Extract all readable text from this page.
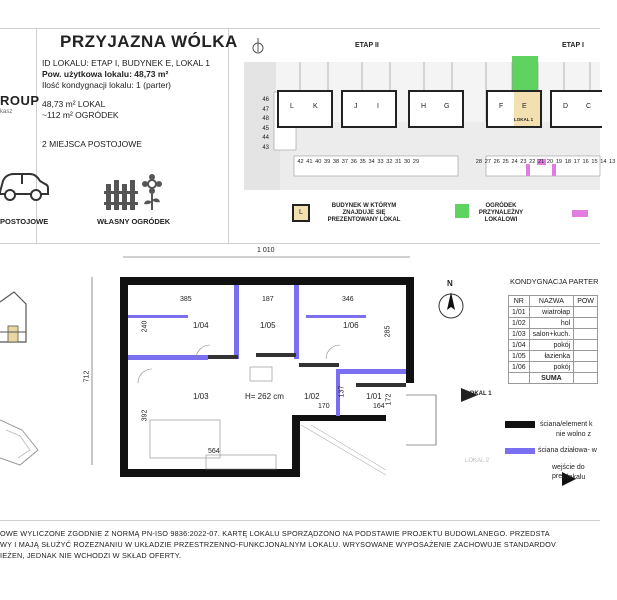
PRZYJAZNA WÓLKA
ID LOKALU: ETAP I, BUDYNEK E, LOKAL 1
Pow. użytkowa lokalu: 48,73 m²
Ilość kondygnacji lokalu: 1 (parter)
48,73 m² LOKAL
~112 m² OGRÓDEK
2 MIEJSCA POSTOJOWE
ROUP
kasz
POSTOJOWE	WŁASNY OGRÓDEK
ETAP II	ETAP I
L	K	J	I	H	G	F	E
LOKAL 1
D	C
46
47
48
45
44
43
42 41 40 39 38 37 36 35 34 33 32 31 30 29	28 27 26 25 24 23 22 21 20 19 18 17 16 15 14 13
L
BUDYNEK W KTÓRYM ZNAJDUJE SIĘ PREZENTOWANY LOKAL
OGRÓDEK PRZYNALEŻNY LOKALOWI
1 010
712
385	187	346
240	285
392
564
170	164
137
172
1/04	1/05	1/06
1/03	1/02	1/01
H= 262 cm	LOKAL 1
LOKAL 2
N	KONDYGNACJA PARTER
NR	NAZWA	POW
1/01	wiatrołap	
1/02	hol	
1/03	salon+kuch.	
1/04	pokój	
1/05	łazienka	
1/06	pokój	
	SUMA	
ściana/element k
nie wolno z
ściana działowa- w
wejście do prez lokalu
OWE WYLICZONE ZGODNIE Z NORMĄ PN-ISO 9836:2022-07. KARTĘ LOKALU SPORZĄDZONO NA PODSTAWIE PROJEKTU BUDOWLANEGO. PRZEDSTA
WY I MAJĄ SŁUŻYĆ ROZEZNANIU W UKŁADZIE PRZESTRZENNO-FUNKCJONALNYM LOKALU. WRYSOWANE WYPOSAŻENIE ZACHOWUJE STANDARDOV
IEŻEN, JEDNAK NIE WCHODZI W SKŁAD OFERTY.
